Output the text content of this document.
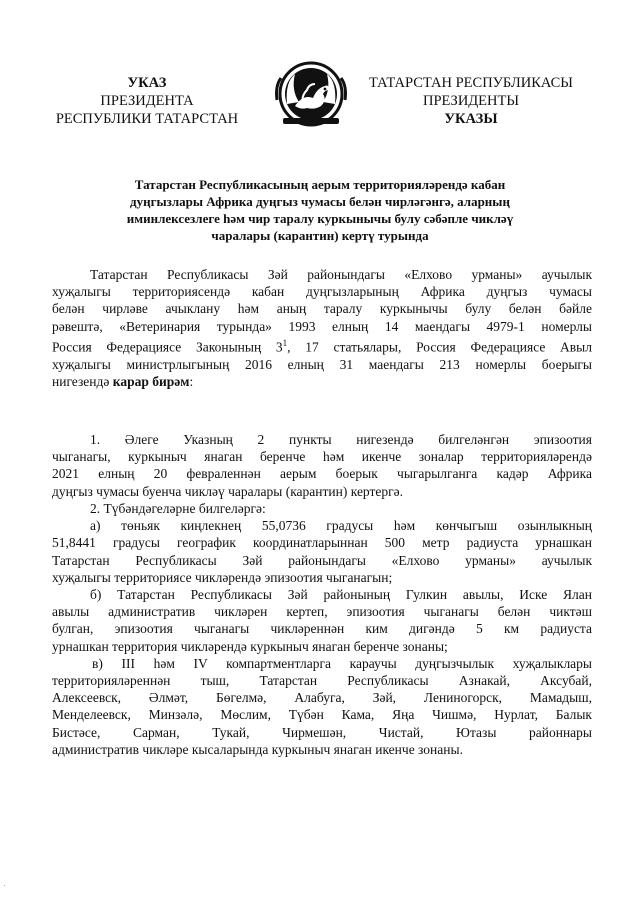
УКАЗ
ПРЕЗИДЕНТА
РЕСПУБЛИКИ ТАТАРСТАН
ТАТАРСТАН РЕСПУБЛИКАСЫ
ПРЕЗИДЕНТЫ
УКАЗЫ
Татарстан Республикасының аерым территорияләрендә кабан
дуңгызлары Африка дуңгыз чумасы белән чирләгәнгә, аларның
иминлексезлеге һәм чир таралу куркынычы булу сәбәпле чикләү
чаралары (карантин) кертү турында
Татарстан Республикасы Зәй районындагы «Елхово урманы» аучылык
хуҗалыгы территориясендә кабан дуңгызларының Африка дуңгыз чумасы
белән чирләве ачыклану һәм аның таралу куркынычы булу белән бәйле
рәвештә, «Ветеринария турында» 1993 елның 14 маендагы 4979-1 номерлы
Россия Федерациясе Законының $3^1$, 17 статьялары, Россия Федерациясе Авыл
хуҗалыгы министрлыгының 2016 елның 31 маендагы 213 номерлы боерыгы
нигезендә карар бирәм:
1. Әлеге Указның 2 пункты нигезендә билгеләнгән эпизоотия
чыганагы, куркыныч янаган беренче һәм икенче зоналар территорияләрендә
2021 елның 20 февраленнән аерым боерык чыгарылганга кадәр Африка
дуңгыз чумасы буенча чикләү чаралары (карантин) кертергә.
2. Түбәндәгеләрне билгеләргә:
а) төньяк киңлекнең 55,0736 градусы һәм көнчыгыш озынлыкның
51,8441 градусы географик координатларыннан 500 метр радиуста урнашкан
Татарстан Республикасы Зәй районындагы «Елхово урманы» аучылык
хуҗалыгы территориясе чикләрендә эпизоотия чыганагын;
б) Татарстан Республикасы Зәй районының Гулкин авылы, Иске Ялан
авылы административ чикләрен кертеп, эпизоотия чыганагы белән чиктәш
булган, эпизоотия чыганагы чикләреннән ким дигәндә 5 км радиуста
урнашкан территория чикләрендә куркыныч янаган беренче зонаны;
в) III һәм IV компартментларга караучы дуңгызчылык хуҗалыклары
территорияләреннән тыш, Татарстан Республикасы Азнакай, Аксубай,
Алексеевск, Әлмәт, Бөгелмә, Алабуга, Зәй, Лениногорск, Мамадыш,
Менделеевск, Минзәлә, Мөслим, Түбән Кама, Яңа Чишмә, Нурлат, Балык
Бистәсе, Сарман, Тукай, Чирмешән, Чистай, Ютазы районнары
административ чикләре кысаларында куркыныч янаган икенче зонаны.
.
